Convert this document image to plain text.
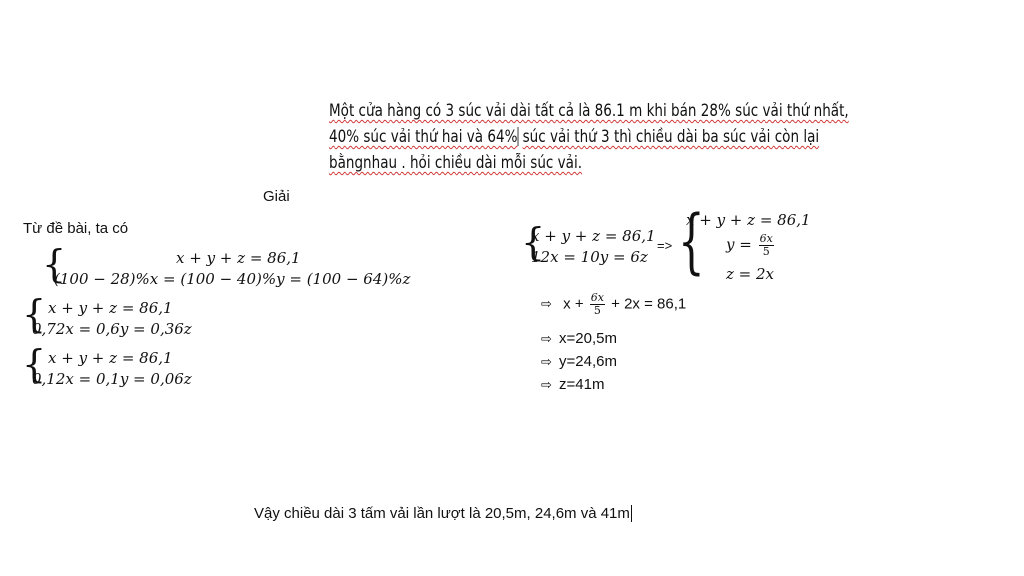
Một cửa hàng có 3 súc vải dài tất cả là 86.1 m khi bán 28% súc vải thứ nhất,
40% súc vải thứ hai và 64% súc vải thứ 3 thì chiều dài ba súc vải còn lại
bằngnhau . hỏi chiều dài mỗi súc vải.
Giải
Từ đề bài, ta có
{	x + y + z = 86,1
(100 − 28)%x = (100 − 40)%y = (100 − 64)%z
{ x + y + z = 86,1
0,72x = 0,6y = 0,36z
{ x + y + z = 86,1
0,12x = 0,1y = 0,06z
{
x + y + z = 86,1
12x = 10y = 6z
=> {
x + y + z = 86,1
$y = \frac{6x}{5}$
z = 2x
⇨ $x + \frac{6x}{5} + 2x = 86,1$
⇨ x=20,5m
⇨ y=24,6m
⇨ z=41m
Vậy chiều dài 3 tấm vải lần lượt là 20,5m, 24,6m và 41m
